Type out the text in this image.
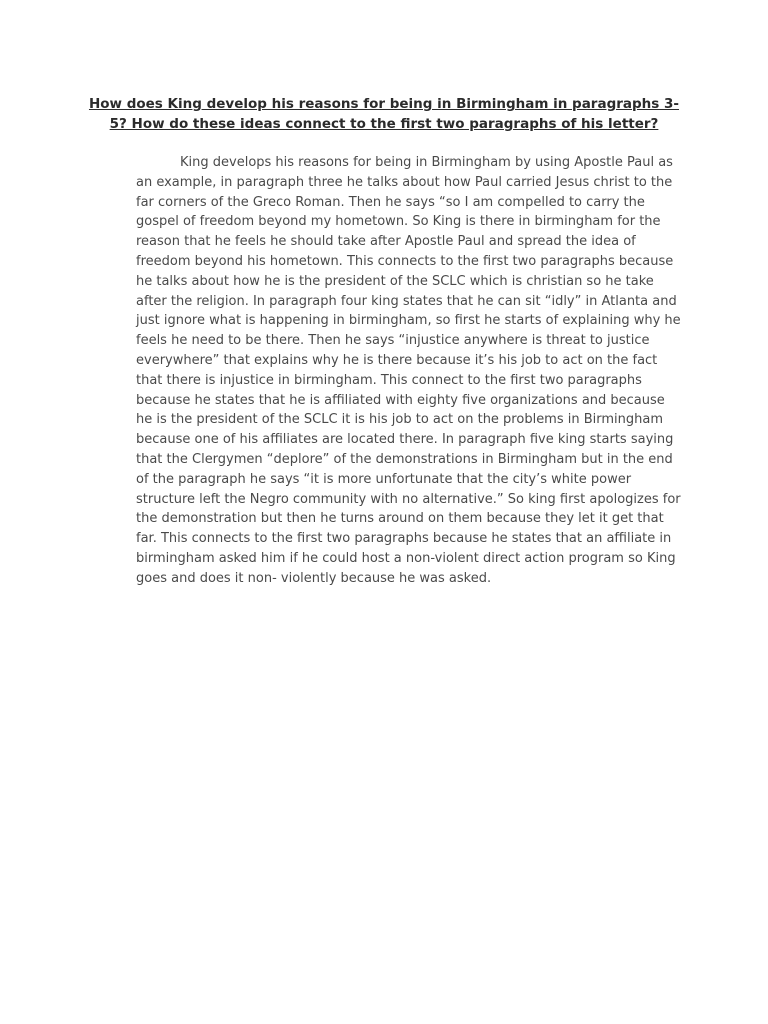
How does King develop his reasons for being in Birmingham in paragraphs 3-5? How do these ideas connect to the first two paragraphs of his letter?

King develops his reasons for being in Birmingham by using Apostle Paul as an example, in paragraph three he talks about how Paul carried Jesus christ to the far corners of the Greco Roman. Then he says “so I am compelled to carry the gospel of freedom beyond my hometown. So King is there in birmingham for the reason that he feels he should take after Apostle Paul and spread the idea of freedom beyond his hometown. This connects to the first two paragraphs because he talks about how he is the president of the SCLC which is christian so he take after the religion. In paragraph four king states that he can sit “idly” in Atlanta and just ignore what is happening in birmingham, so first he starts of explaining why he feels he need to be there. Then he says “injustice anywhere is threat to justice everywhere” that explains why he is there because it’s his job to act on the fact that there is injustice in birmingham. This connect to the first two paragraphs because he states that he is affiliated with eighty five organizations and because he is the president of the SCLC it is his job to act on the problems in Birmingham because one of his affiliates are located there. In paragraph five king starts saying that the Clergymen “deplore” of the demonstrations in Birmingham but in the end of the paragraph he says “it is more unfortunate that the city’s white power structure left the Negro community with no alternative.” So king first apologizes for the demonstration but then he turns around on them because they let it get that far. This connects to the first two paragraphs because he states that an affiliate in birmingham asked him if he could host a non-violent direct action program so King goes and does it non- violently because he was asked.
